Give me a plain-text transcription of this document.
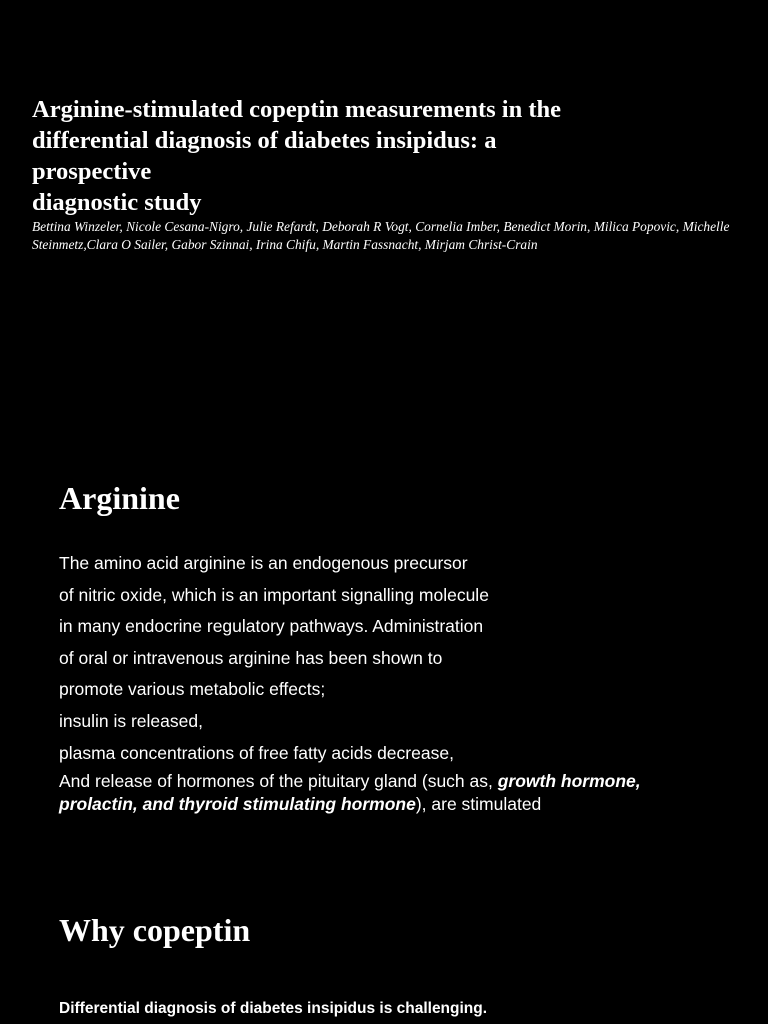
Arginine-stimulated copeptin measurements in the
differential diagnosis of diabetes insipidus: a
prospective
diagnostic study
Bettina Winzeler, Nicole Cesana-Nigro, Julie Refardt, Deborah R Vogt, Cornelia Imber, Benedict Morin, Milica Popovic, Michelle Steinmetz,Clara O Sailer, Gabor Szinnai, Irina Chifu, Martin Fassnacht, Mirjam Christ-Crain
Arginine
The amino acid arginine is an endogenous precursor
of nitric oxide, which is an important signalling molecule
in many endocrine regulatory pathways. Administration
of oral or intravenous arginine has been shown to
promote various metabolic effects;
insulin is released,
plasma concentrations of free fatty acids decrease,
And release of hormones of the pituitary gland (such as, growth hormone, prolactin, and thyroid stimulating hormone), are stimulated
Why copeptin
Differential diagnosis of diabetes insipidus is challenging.
